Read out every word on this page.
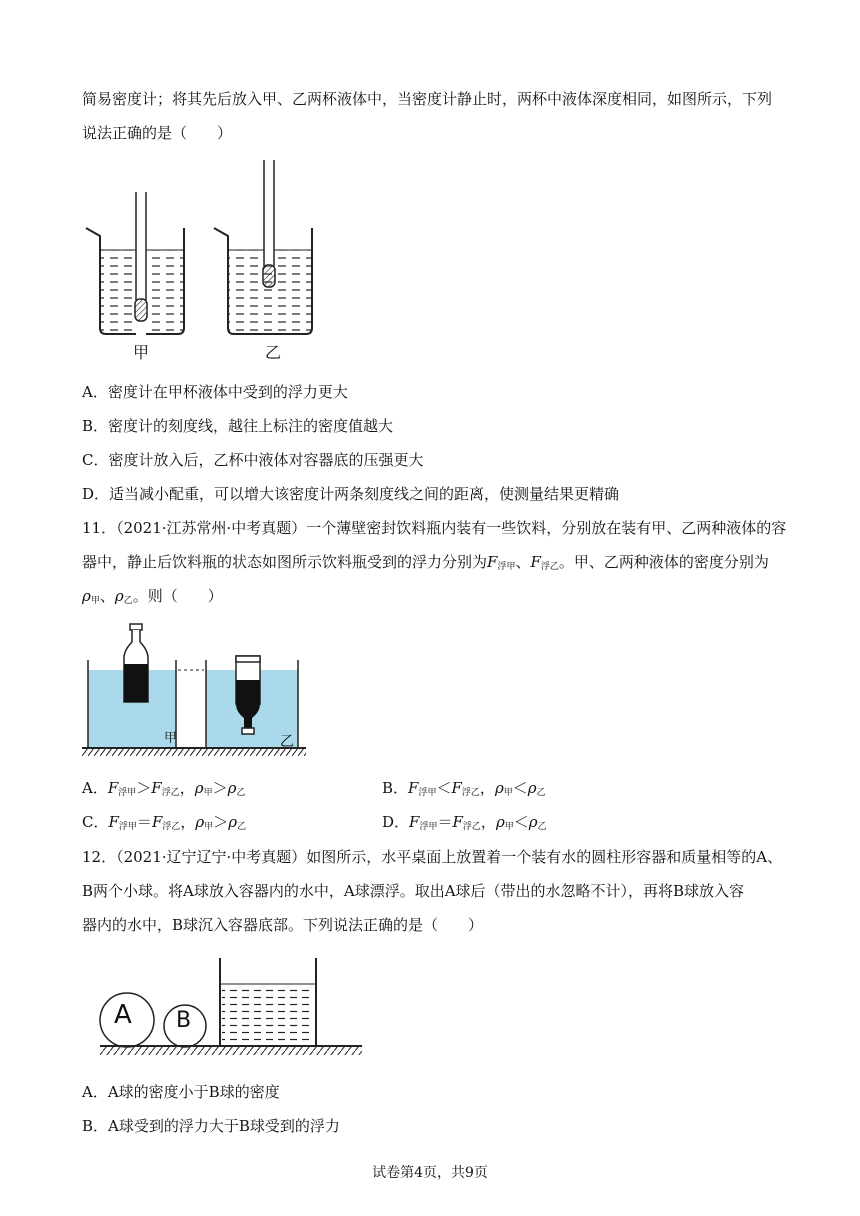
简易密度计；将其先后放入甲、乙两杯液体中，当密度计静止时，两杯中液体深度相同，如图所示，下列
说法正确的是（　　）
甲	乙
A．密度计在甲杯液体中受到的浮力更大
B．密度计的刻度线，越往上标注的密度值越大
C．密度计放入后，乙杯中液体对容器底的压强更大
D．适当减小配重，可以增大该密度计两条刻度线之间的距离，使测量结果更精确
11．（2021·江苏常州·中考真题）一个薄壁密封饮料瓶内装有一些饮料，分别放在装有甲、乙两种液体的容
器中，静止后饮料瓶的状态如图所示饮料瓶受到的浮力分别为$F_{浮甲}$、$F_{浮乙}$。甲、乙两种液体的密度分别为
$\rho_甲$、$\rho_乙$。则（　　）
甲	乙
A．$F_{浮甲}>F_{浮乙}$，$\rho_甲>\rho_乙$	B．$F_{浮甲}<F_{浮乙}$，$\rho_甲<\rho_乙$
C．$F_{浮甲}=F_{浮乙}$，$\rho_甲>\rho_乙$	D．$F_{浮甲}=F_{浮乙}$，$\rho_甲<\rho_乙$
12．（2021·辽宁辽宁·中考真题）如图所示，水平桌面上放置着一个装有水的圆柱形容器和质量相等的A、
B两个小球。将A球放入容器内的水中，A球漂浮。取出A球后（带出的水忽略不计），再将B球放入容
器内的水中，B球沉入容器底部。下列说法正确的是（　　）
A B
A．A球的密度小于B球的密度
B．A球受到的浮力大于B球受到的浮力
试卷第4页，共9页
